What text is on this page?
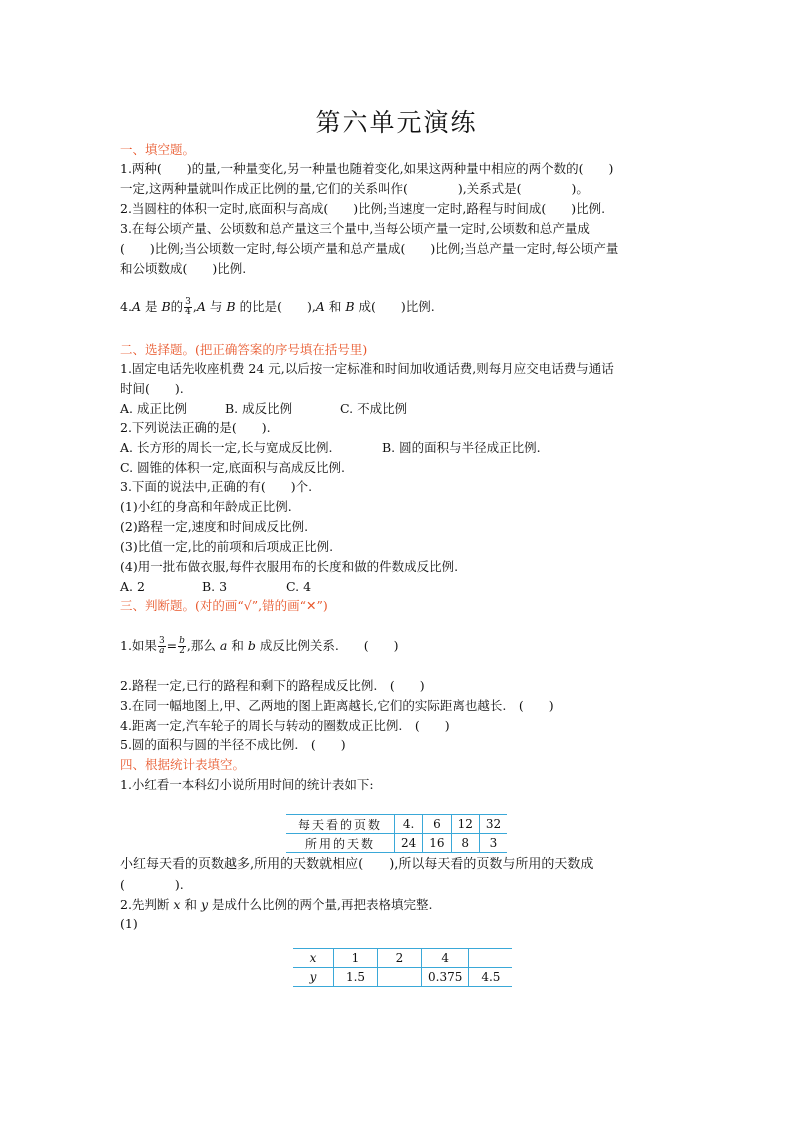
第六单元演练
一、填空题。
1.两种(　　)的量,一种量变化,另一种量也随着变化,如果这两种量中相应的两个数的(　　)
一定,这两种量就叫作成正比例的量,它们的关系叫作(　　　　),关系式是(　　　　)。
2.当圆柱的体积一定时,底面积与高成(　　)比例;当速度一定时,路程与时间成(　　)比例.
3.在每公顷产量、公顷数和总产量这三个量中,当每公顷产量一定时,公顷数和总产量成
(　　)比例;当公顷数一定时,每公顷产量和总产量成(　　)比例;当总产量一定时,每公顷产量
和公顷数成(　　)比例.
4.A 是 B的 $\frac{3}{4} ,A$ 与 B 的比是(　　),A 和 B 成(　　)比例.
二、选择题。(把正确答案的序号填在括号里)
1.固定电话先收座机费 24 元,以后按一定标准和时间加收通话费,则每月应交电话费与通话
时间(　　).
A. 成正比例	B. 成反比例	C. 不成比例
2.下列说法正确的是(　　).
A. 长方形的周长一定,长与宽成反比例.	B. 圆的面积与半径成正比例.
C. 圆锥的体积一定,底面积与高成反比例.
3.下面的说法中,正确的有(　　)个.
(1)小红的身高和年龄成正比例.
(2)路程一定,速度和时间成反比例.
(3)比值一定,比的前项和后项成正比例.
(4)用一批布做衣服,每件衣服用布的长度和做的件数成反比例.
A. 2	B. 3	C. 4
三、判断题。(对的画“√”,错的画“✕”)
1.如果 $\frac{3}{a} = \frac{b}{2}$ ,那么 a 和 b 成反比例关系.　　(　　)
2.路程一定,已行的路程和剩下的路程成反比例.　(　　)
3.在同一幅地图上,甲、乙两地的图上距离越长,它们的实际距离也越长.　(　　)
4.距离一定,汽车轮子的周长与转动的圈数成正比例.　(　　)
5.圆的面积与圆的半径不成比例.　(　　)
四、根据统计表填空。
1.小红看一本科幻小说所用时间的统计表如下:
每天看的页数	4.	6	12	32
所用的天数	24	16	8	3
小红每天看的页数越多,所用的天数就相应(　　),所以每天看的页数与所用的天数成
(　　　　).
2.先判断 x 和 y 是成什么比例的两个量,再把表格填完整.
(1)
x	1	2	4	
y	1.5		0.375	4.5
